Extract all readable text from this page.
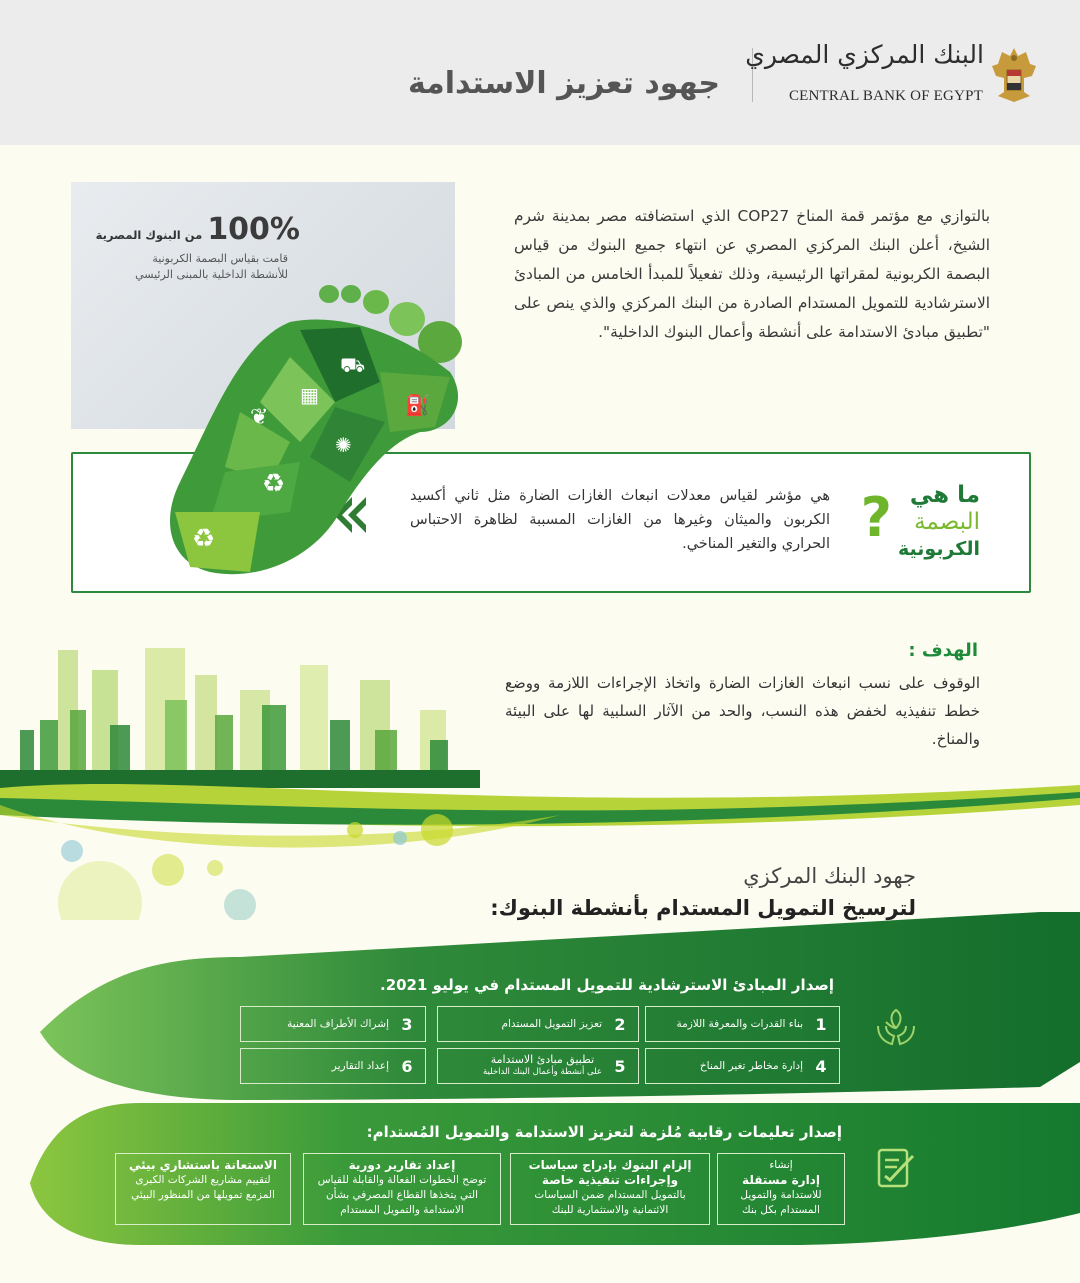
جهود تعزيز الاستدامة
البنك المركزي المصري
CENTRAL BANK OF EGYPT
بالتوازي مع مؤتمر قمة المناخ COP27 الذي استضافته مصر بمدينة شرم الشيخ، أعلن البنك المركزي المصري عن انتهاء جميع البنوك من قياس البصمة الكربونية لمقراتها الرئيسية، وذلك تفعيلاً للمبدأ الخامس من المبادئ الاسترشادية للتمويل المستدام الصادرة من البنك المركزي والذي ينص على "تطبيق مبادئ الاستدامة على أنشطة وأعمال البنوك الداخلية".
100% من البنوك المصرية
قامت بقياس البصمة الكربونية
للأنشطة الداخلية بالمبنى الرئيسي
ما هي
البصمة
الكربونية
?
هي مؤشر لقياس معدلات انبعاث الغازات الضارة مثل ثاني أكسيد الكربون والميثان وغيرها من الغازات المسببة لظاهرة الاحتباس الحراري والتغير المناخي.
♻
♻
❦
✺
⛟
⛽
▦
الهدف :
الوقوف على نسب انبعاث الغازات الضارة واتخاذ الإجراءات اللازمة ووضع خطط تنفيذيه لخفض هذه النسب، والحد من الآثار السلبية لها على البيئة والمناخ.
جهود البنك المركزي
لترسيخ التمويل المستدام بأنشطة البنوك:
إصدار المبادئ الاسترشادية للتمويل المستدام في يوليو 2021.
1
بناء القدرات والمعرفة اللازمة
2
تعزيز التمويل المستدام
3
إشراك الأطراف المعنية
4
إدارة مخاطر تغير المناخ
5
تطبيق مبادئ الاستدامة
على أنشطة وأعمال البنك الداخلية
6
إعداد التقارير
إصدار تعليمات رقابية مُلزمة لتعزيز الاستدامة والتمويل المُستدام:
إنشاء
إدارة مستقلة
للاستدامة والتمويل المستدام بكل بنك
إلزام البنوك بإدراج سياسات وإجراءات تنفيذية خاصة
بالتمويل المستدام ضمن السياسات الائتمانية والاستثمارية للبنك
إعداد تقارير دورية
توضح الخطوات الفعالة والقابلة للقياس التي يتخذها القطاع المصرفي بشأن الاستدامة والتمويل المستدام
الاستعانة باستشاري بيئي
لتقييم مشاريع الشركات الكبرى المزمع تمويلها من المنظور البيئي
